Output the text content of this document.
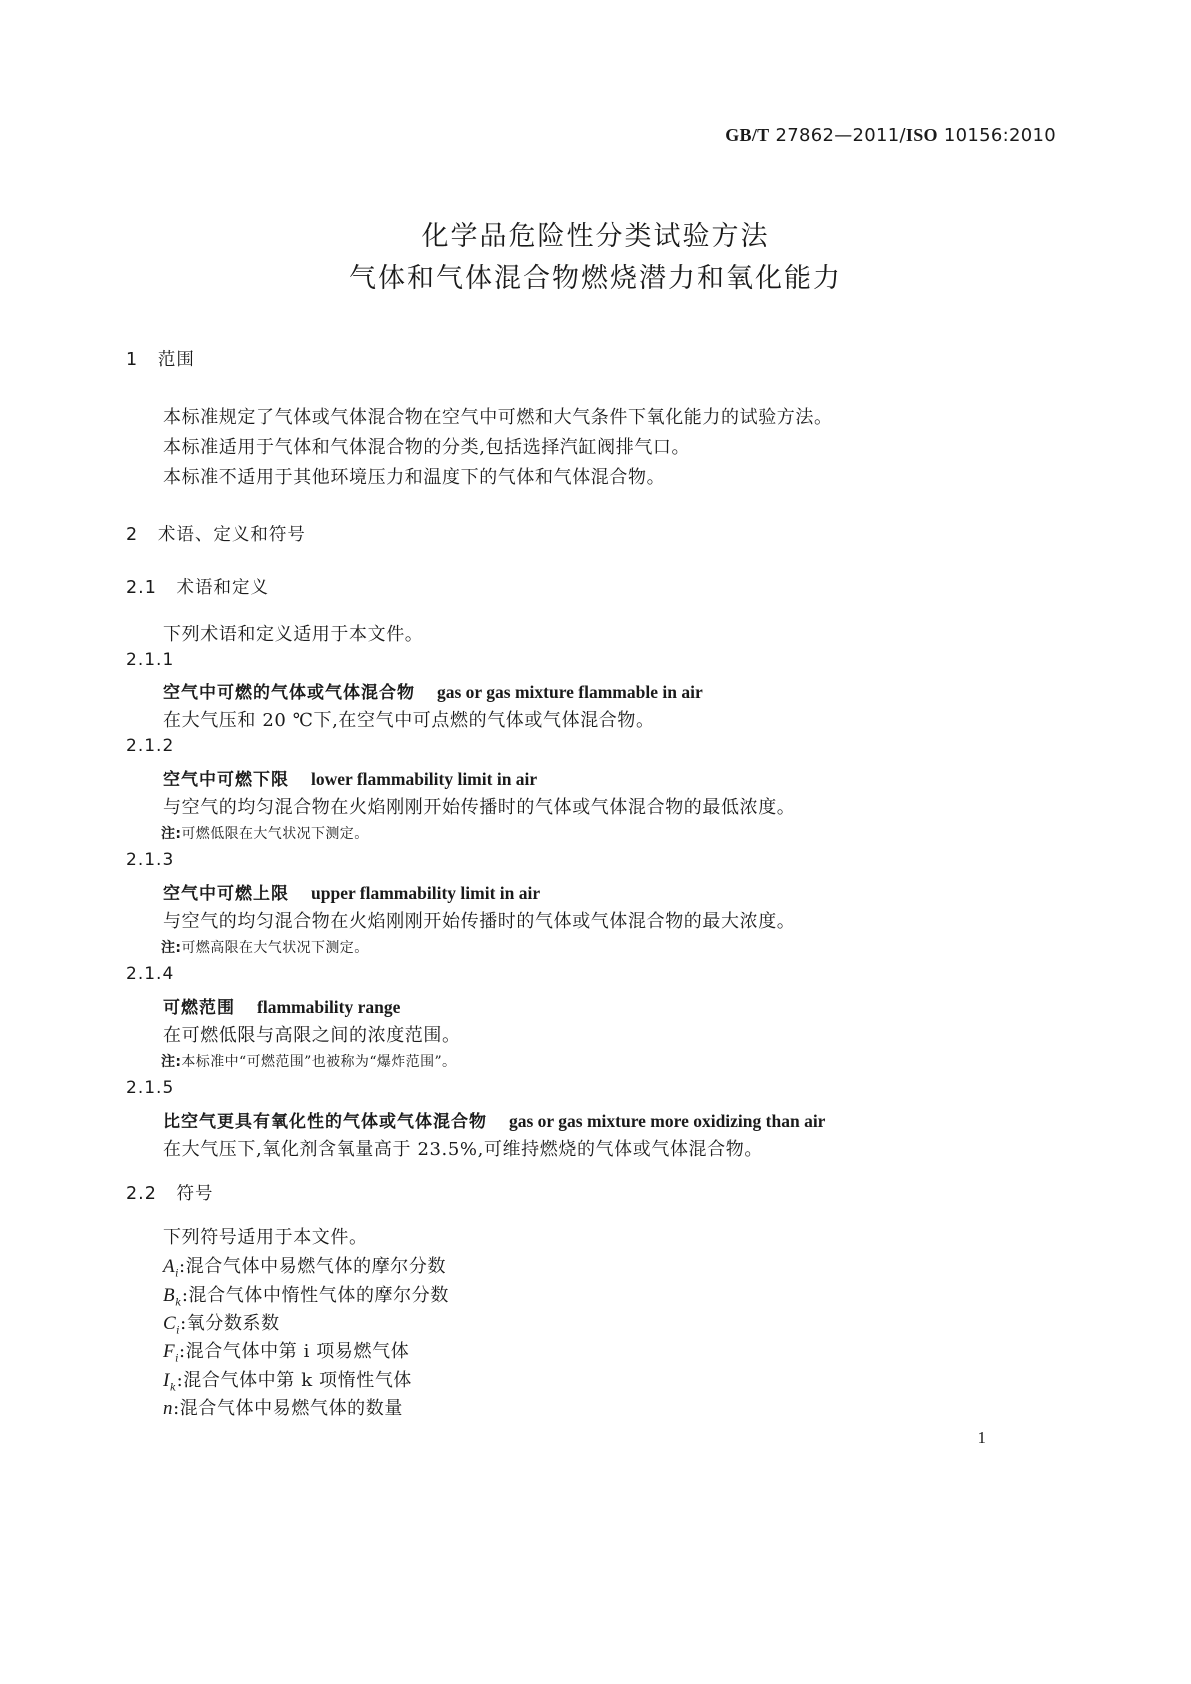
GB/T 27862—2011/ISO 10156:2010
化学品危险性分类试验方法
气体和气体混合物燃烧潜力和氧化能力
1 范围
本标准规定了气体或气体混合物在空气中可燃和大气条件下氧化能力的试验方法。
本标准适用于气体和气体混合物的分类,包括选择汽缸阀排气口。
本标准不适用于其他环境压力和温度下的气体和气体混合物。
2 术语、定义和符号
2.1 术语和定义
下列术语和定义适用于本文件。
2.1.1
空气中可燃的气体或气体混合物 gas or gas mixture flammable in air
在大气压和 20 ℃下,在空气中可点燃的气体或气体混合物。
2.1.2
空气中可燃下限 lower flammability limit in air
与空气的均匀混合物在火焰刚刚开始传播时的气体或气体混合物的最低浓度。
注:可燃低限在大气状况下测定。
2.1.3
空气中可燃上限 upper flammability limit in air
与空气的均匀混合物在火焰刚刚开始传播时的气体或气体混合物的最大浓度。
注:可燃高限在大气状况下测定。
2.1.4
可燃范围 flammability range
在可燃低限与高限之间的浓度范围。
注:本标准中“可燃范围”也被称为“爆炸范围”。
2.1.5
比空气更具有氧化性的气体或气体混合物 gas or gas mixture more oxidizing than air
在大气压下,氧化剂含氧量高于 23.5%,可维持燃烧的气体或气体混合物。
2.2 符号
下列符号适用于本文件。
$A_i$:混合气体中易燃气体的摩尔分数
$B_k$:混合气体中惰性气体的摩尔分数
$C_i$:氧分数系数
$F_i$:混合气体中第 i 项易燃气体
$I_k$:混合气体中第 k 项惰性气体
n:混合气体中易燃气体的数量
1
